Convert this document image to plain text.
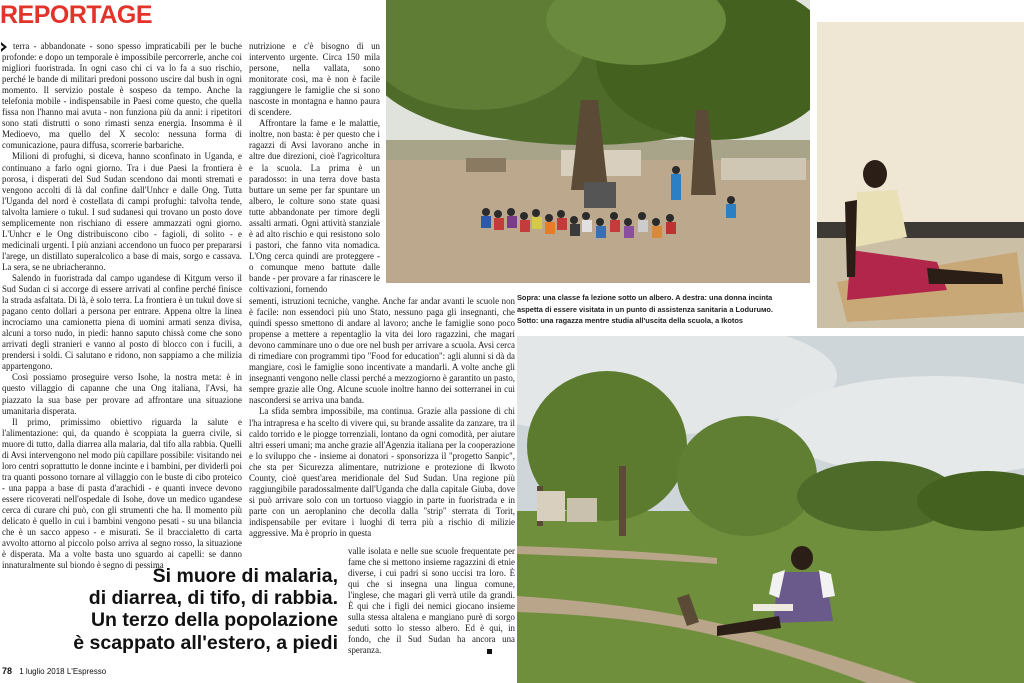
REPORTAGE

terra - abbandonate - sono spesso impraticabili per le buche profonde: e dopo un temporale è impossibile percorrerle, anche coi migliori fuoristrada. In ogni caso chi ci va lo fa a suo rischio, perché le bande di militari predoni possono uscire dal bush in ogni momento. Il servizio postale è sospeso da tempo. Anche la telefonia mobile - indispensabile in Paesi come questo, che quella fissa non l'hanno mai avuta - non funziona più da anni: i ripetitori sono stati distrutti o sono rimasti senza energia. Insomma è il Medioevo, ma quello del X secolo: nessuna forma di comunicazione, paura diffusa, scorrerie barbariche.

Milioni di profughi, si diceva, hanno sconfinato in Uganda, e continuano a farlo ogni giorno. Tra i due Paesi la frontiera è porosa, i disperati del Sud Sudan scendono dai monti stremati e vengono accolti di là dal confine dall'Unhcr e dalle Ong. Tutta l'Uganda del nord è costellata di campi profughi: talvolta tende, talvolta lamiere o tukul. I sud sudanesi qui trovano un posto dove semplicemente non rischiano di essere ammazzati ogni giorno. L'Unhcr e le Ong distribuiscono cibo - fagioli, di solito - e medicinali urgenti. I più anziani accendono un fuoco per prepararsi l'arege, un distillato superalcolico a base di mais, sorgo e cassava. La sera, se ne ubriacheranno.

Salendo in fuoristrada dal campo ugandese di Kitgum verso il Sud Sudan ci si accorge di essere arrivati al confine perché finisce la strada asfaltata. Di là, è solo terra. La frontiera è un tukul dove si pagano cento dollari a persona per entrare. Appena oltre la linea incrociamo una camionetta piena di uomini armati senza divisa, alcuni a torso nudo, in piedi: hanno saputo chissà come che sono arrivati degli stranieri e vanno al posto di blocco con i fucili, a prendersi i soldi. Ci salutano e ridono, non sappiamo a che milizia appartengono.

Così possiamo proseguire verso Isohe, la nostra meta: è in questo villaggio di capanne che una Ong italiana, l'Avsi, ha piazzato la sua base per provare ad affrontare una situazione umanitaria disperata.

Il primo, primissimo obiettivo riguarda la salute e l'alimentazione: qui, da quando è scoppiata la guerra civile, si muore di tutto, dalla diarrea alla malaria, dal tifo alla rabbia. Quelli di Avsi intervengono nel modo più capillare possibile: visitando nei loro centri soprattutto le donne incinte e i bambini, per dividerli poi tra quanti possono tornare al villaggio con le buste di cibo proteico - una pappa a base di pasta d'arachidi - e quanti invece devono essere ricoverati nell'ospedale di Isohe, dove un medico ugandese cerca di curare chi può, con gli strumenti che ha. Il momento più delicato è quello in cui i bambini vengono pesati - su una bilancia che è un sacco appeso - e misurati. Se il braccialetto di carta avvolto attorno al piccolo polso arriva al segno rosso, la situazione è disperata. Ma a volte basta uno sguardo ai capelli: se danno innaturalmente sul biondo è segno di pessima

nutrizione e c'è bisogno di un intervento urgente. Circa 150 mila persone, nella vallata, sono monitorate così, ma è non è facile raggiungere le famiglie che si sono nascoste in montagna e hanno paura di scendere.

Affrontare la fame e le malattie, inoltre, non basta: è per questo che i ragazzi di Avsi lavorano anche in altre due direzioni, cioè l'agricoltura e la scuola. La prima è un paradosso: in una terra dove basta buttare un seme per far spuntare un albero, le colture sono state quasi tutte abbandonate per timore degli assalti armati. Ogni attività stanziale è ad alto rischio e qui resistono solo i pastori, che fanno vita nomadica. L'Ong cerca quindi are proteggere - o comunque meno battute dalle bande - per provare a far rinascere le coltivazioni, fornendo

sementi, istruzioni tecniche, vanghe. Anche far andar avanti le scuole non è facile: non essendoci più uno Stato, nessuno paga gli insegnanti, che quindi spesso smettono di andare al lavoro; anche le famiglie sono poco propense a mettere a repentaglio la vita dei loro ragazzini, che magari devono camminare uno o due ore nel bush per arrivare a scuola. Avsi cerca di rimediare con programmi tipo "Food for education": agli alunni si dà da mangiare, così le famiglie sono incentivate a mandarli. A volte anche gli insegnanti vengono nelle classi perché a mezzogiorno è garantito un pasto, sempre grazie alle Ong. Alcune scuole inoltre hanno dei sotterranei in cui nascondersi se arriva una banda.

La sfida sembra impossibile, ma continua. Grazie alla passione di chi l'ha intrapresa e ha scelto di vivere qui, su brande assalite da zanzare, tra il caldo torrido e le piogge torrenziali, lontano da ogni comodità, per aiutare altri esseri umani; ma anche grazie all'Agenzia italiana per la cooperazione e lo sviluppo che - insieme ai donatori - sponsorizza il "progetto Sanpic", che sta per Sicurezza alimentare, nutrizione e protezione di Ikwoto County, cioè quest'area meridionale del Sud Sudan. Una regione più raggiungibile paradossalmente dall'Uganda che dalla capitale Giuba, dove si può arrivare solo con un tortuoso viaggio in parte in fuoristrada e in parte con un aeroplanino che decolla dalla "strip" sterrata di Torit, indispensabile per evitare i luoghi di terra più a rischio di milizie aggressive. Ma è proprio in questa

valle isolata e nelle sue scuole frequentate per fame che si mettono insieme ragazzini di etnie diverse, i cui padri si sono uccisi tra loro. È qui che si insegna una lingua comune, l'inglese, che magari gli verrà utile da grandi. È qui che i figli dei nemici giocano insieme sulla stessa altalena e mangiano purè di sorgo seduti sotto lo stesso albero. Ed è qui, in fondo, che il Sud Sudan ha ancora una speranza.

Si muore di malaria,
di diarrea, di tifo, di rabbia.
Un terzo della popolazione
è scappato all'estero, a piedi
78 1 luglio 2018 L'Espresso
Sopra: una classe fa lezione sotto un albero. A destra: una donna incinta
aspetta di essere visitata in un punto di assistenza sanitaria a Loduruмо.
Sotto: una ragazza mentre studia all'uscita della scuola, a Ikotos
